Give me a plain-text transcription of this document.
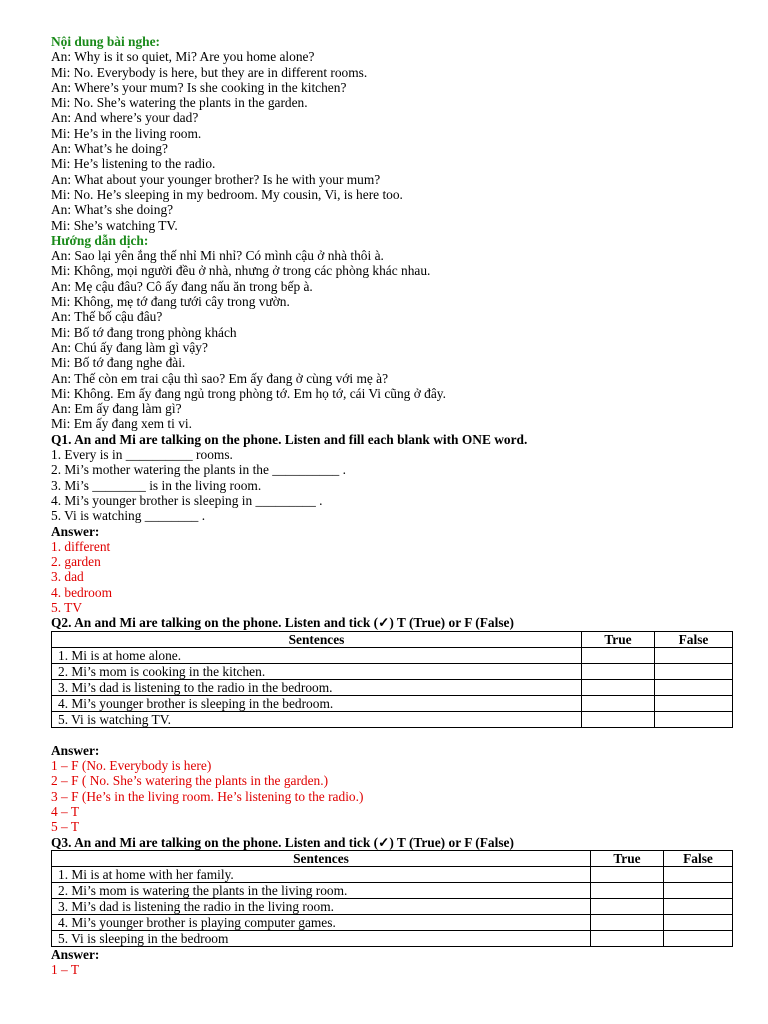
Nội dung bài nghe:
An: Why is it so quiet, Mi? Are you home alone?
Mi: No. Everybody is here, but they are in different rooms.
An: Where’s your mum? Is she cooking in the kitchen?
Mi: No. She’s watering the plants in the garden.
An: And where’s your dad?
Mi: He’s in the living room.
An: What’s he doing?
Mi: He’s listening to the radio.
An: What about your younger brother? Is he with your mum?
Mi: No. He’s sleeping in my bedroom. My cousin, Vi, is here too.
An: What’s she doing?
Mi: She’s watching TV.
Hướng dẫn dịch:
An: Sao lại yên ắng thế nhỉ Mi nhỉ? Có mình cậu ở nhà thôi à.
Mi: Không, mọi người đều ở nhà, nhưng ở trong các phòng khác nhau.
An: Mẹ cậu đâu? Cô ấy đang nấu ăn trong bếp à.
Mi: Không, mẹ tớ đang tưới cây trong vườn.
An: Thế bố cậu đâu?
Mi: Bố tớ đang trong phòng khách
An: Chú ấy đang làm gì vậy?
Mi: Bố tớ đang nghe đài.
An: Thế còn em trai cậu thì sao? Em ấy đang ở cùng với mẹ à?
Mi: Không. Em ấy đang ngủ trong phòng tớ. Em họ tớ, cái Vi cũng ở đây.
An: Em ấy đang làm gì?
Mi: Em ấy đang xem ti vi.
Q1. An and Mi are talking on the phone. Listen and fill each blank with ONE word.
1. Every is in __________ rooms.
2. Mi’s mother watering the plants in the __________ .
3. Mi’s ________ is in the living room.
4. Mi’s younger brother is sleeping in _________ .
5. Vi is watching ________ .
Answer:
1. different
2. garden
3. dad
4. bedroom
5. TV
Q2. An and Mi are talking on the phone. Listen and tick (✓) T (True) or F (False)
Sentences	True	False
1. Mi is at home alone.		
2. Mi’s mom is cooking in the kitchen.		
3. Mi’s dad is listening to the radio in the bedroom.		
4. Mi’s younger brother is sleeping in the bedroom.		
5. Vi is watching TV.		
Answer:
1 – F (No. Everybody is here)
2 – F ( No. She’s watering the plants in the garden.)
3 – F (He’s in the living room. He’s listening to the radio.)
4 – T
5 – T
Q3. An and Mi are talking on the phone. Listen and tick (✓) T (True) or F (False)
Sentences	True	False
1. Mi is at home with her family.		
2. Mi’s mom is watering the plants in the living room.		
3. Mi’s dad is listening the radio in the living room.		
4. Mi’s younger brother is playing computer games.		
5. Vi is sleeping in the bedroom		
Answer:
1 – T
